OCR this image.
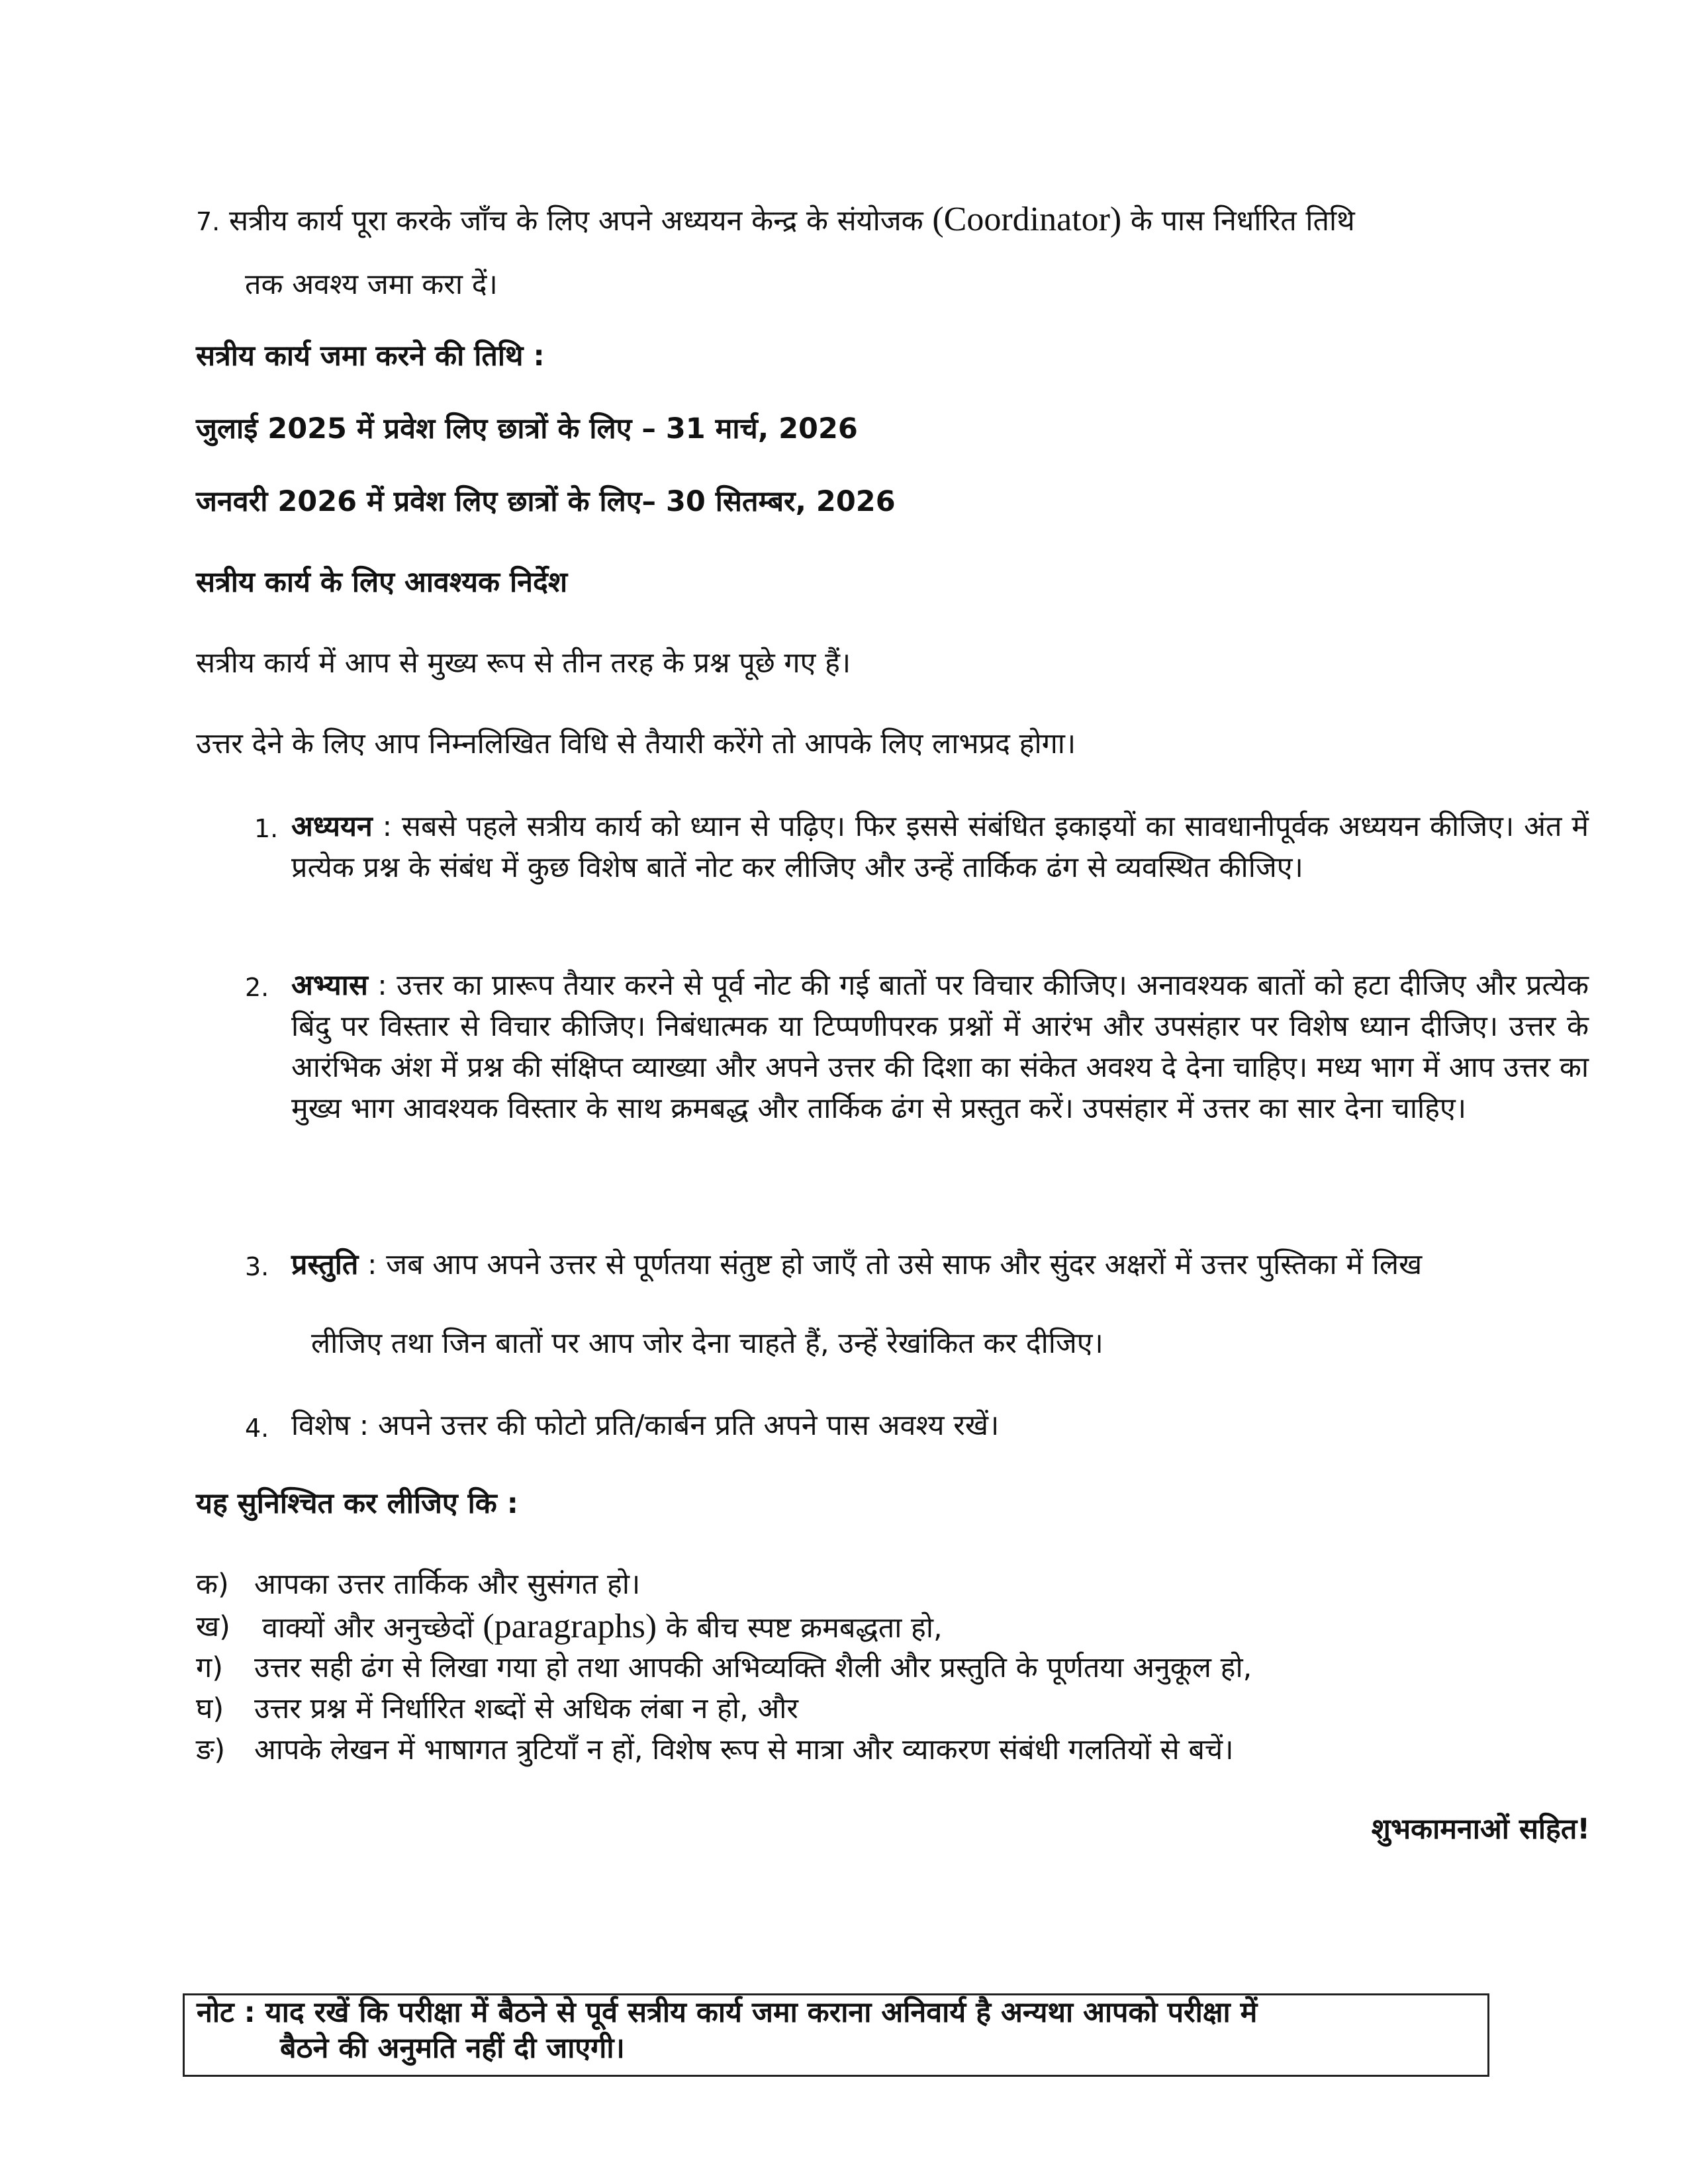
7. सत्रीय कार्य पूरा करके जाँच के लिए अपने अध्ययन केन्द्र के संयोजक (Coordinator) के पास निर्धारित तिथि
तक अवश्य जमा करा दें।
सत्रीय कार्य जमा करने की तिथि :
जुलाई 2025 में प्रवेश लिए छात्रों के लिए – 31 मार्च, 2026
जनवरी 2026 में प्रवेश लिए छात्रों के लिए– 30 सितम्बर, 2026
सत्रीय कार्य के लिए आवश्यक निर्देश
सत्रीय कार्य में आप से मुख्य रूप से तीन तरह के प्रश्न पूछे गए हैं।
उत्तर देने के लिए आप निम्नलिखित विधि से तैयारी करेंगे तो आपके लिए लाभप्रद होगा।
1. अध्ययन : सबसे पहले सत्रीय कार्य को ध्यान से पढ़िए। फिर इससे संबंधित इकाइयों का सावधानीपूर्वक अध्ययन कीजिए। अंत में प्रत्येक प्रश्न के संबंध में कुछ विशेष बातें नोट कर लीजिए और उन्हें तार्किक ढंग से व्यवस्थित कीजिए।
2. अभ्यास : उत्तर का प्रारूप तैयार करने से पूर्व नोट की गई बातों पर विचार कीजिए। अनावश्यक बातों को हटा दीजिए और प्रत्येक बिंदु पर विस्तार से विचार कीजिए। निबंधात्मक या टिप्पणीपरक प्रश्नों में आरंभ और उपसंहार पर विशेष ध्यान दीजिए। उत्तर के आरंभिक अंश में प्रश्न की संक्षिप्त व्याख्या और अपने उत्तर की दिशा का संकेत अवश्य दे देना चाहिए। मध्य भाग में आप उत्तर का मुख्य भाग आवश्यक विस्तार के साथ क्रमबद्ध और तार्किक ढंग से प्रस्तुत करें। उपसंहार में उत्तर का सार देना चाहिए।
3. प्रस्तुति : जब आप अपने उत्तर से पूर्णतया संतुष्ट हो जाएँ तो उसे साफ और सुंदर अक्षरों में उत्तर पुस्तिका में लिख
लीजिए तथा जिन बातों पर आप जोर देना चाहते हैं, उन्हें रेखांकित कर दीजिए।
4. विशेष : अपने उत्तर की फोटो प्रति/कार्बन प्रति अपने पास अवश्य रखें।
यह सुनिश्चित कर लीजिए कि :
क) आपका उत्तर तार्किक और सुसंगत हो।
ख) वाक्यों और अनुच्छेदों (paragraphs) के बीच स्पष्ट क्रमबद्धता हो,
ग) उत्तर सही ढंग से लिखा गया हो तथा आपकी अभिव्यक्ति शैली और प्रस्तुति के पूर्णतया अनुकूल हो,
घ) उत्तर प्रश्न में निर्धारित शब्दों से अधिक लंबा न हो, और
ङ) आपके लेखन में भाषागत त्रुटियाँ न हों, विशेष रूप से मात्रा और व्याकरण संबंधी गलतियों से बचें।
शुभकामनाओं सहित!
नोट : याद रखें कि परीक्षा में बैठने से पूर्व सत्रीय कार्य जमा कराना अनिवार्य है अन्यथा आपको परीक्षा में
बैठने की अनुमति नहीं दी जाएगी।
